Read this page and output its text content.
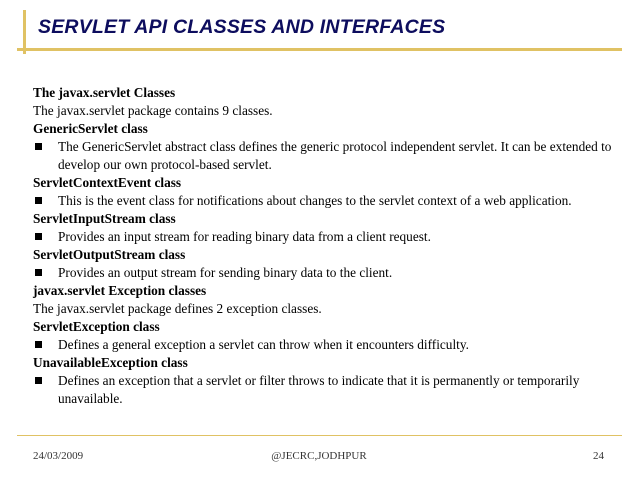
SERVLET API CLASSES AND INTERFACES
The javax.servlet Classes
The javax.servlet package contains 9 classes.
GenericServlet class
The GenericServlet abstract class defines the generic protocol independent servlet. It can be extended to develop our own protocol-based servlet.
ServletContextEvent class
This is the event class for notifications about changes to the servlet context of a web application.
ServletInputStream class
Provides an input stream for reading binary data from a client request.
ServletOutputStream class
Provides an output stream for sending binary data to the client.
javax.servlet Exception classes
The javax.servlet package defines 2 exception classes.
ServletException class
Defines a general exception a servlet can throw when it encounters difficulty.
UnavailableException class
Defines an exception that a servlet or filter throws to indicate that it is permanently or temporarily unavailable.
24/03/2009	@JECRC,JODHPUR	24
